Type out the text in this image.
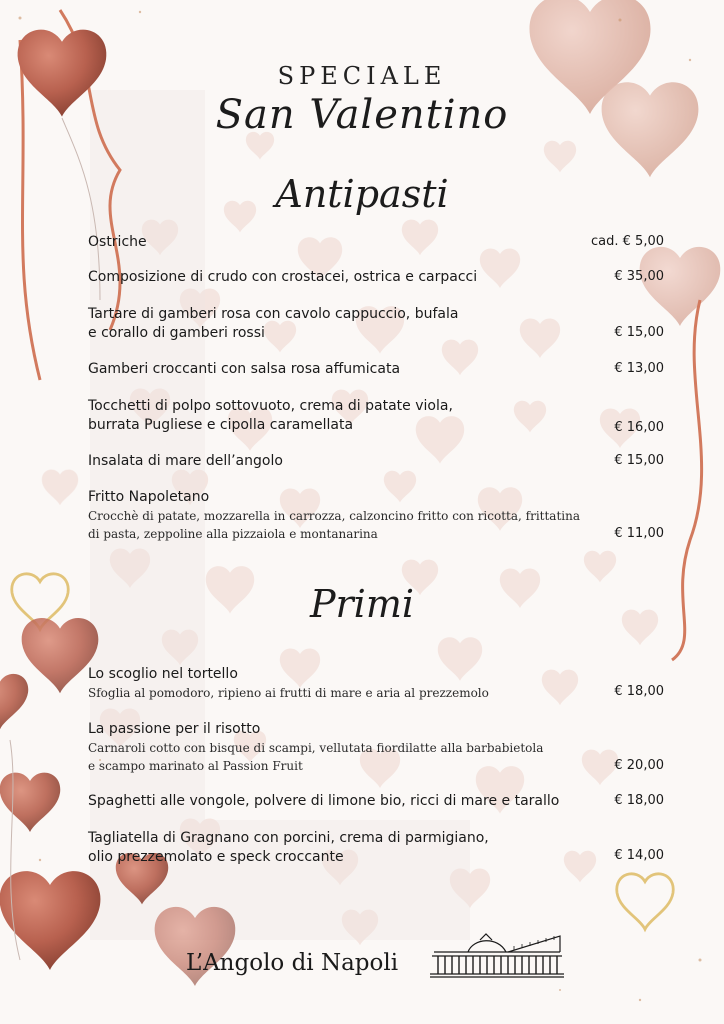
SPECIALE
San Valentino
Antipasti
Ostriche	cad. € 5,00
Composizione di crudo con crostacei, ostrica e carpacci	€ 35,00
Tartare di gamberi rosa con cavolo cappuccio, bufala
e corallo di gamberi rossi	€ 15,00
Gamberi croccanti con salsa rosa affumicata	€ 13,00
Tocchetti di polpo sottovuoto, crema di patate viola,
burrata Pugliese e cipolla caramellata	€ 16,00
Insalata di mare dell’angolo	€ 15,00
Fritto Napoletano
Crocchè di patate, mozzarella in carrozza, calzoncino fritto con ricotta, frittatina
di pasta, zeppoline alla pizzaiola e montanarina	€ 11,00
Primi
Lo scoglio nel tortello
Sfoglia al pomodoro, ripieno ai frutti di mare e aria al prezzemolo	€ 18,00
La passione per il risotto
Carnaroli cotto con bisque di scampi, vellutata fiordilatte alla barbabietola
e scampo marinato al Passion Fruit	€ 20,00
Spaghetti alle vongole, polvere di limone bio, ricci di mare e tarallo	€ 18,00
Tagliatella di Gragnano con porcini, crema di parmigiano,
olio prezzemolato e speck croccante	€ 14,00
L’Angolo di Napoli
